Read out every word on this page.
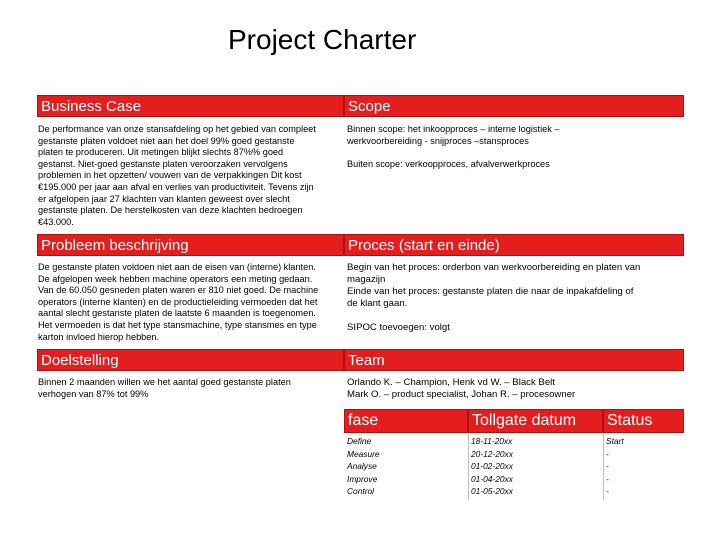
Project Charter
Business Case
De performance van onze stansafdeling op het gebied van compleet
gestanste platen voldoet niet aan het doel 99% goed gestanste
platen te produceren. Uit metingen blijkt slechts 87%% goed
gestanst. Niet-goed gestanste platen veroorzaken vervolgens
problemen in het opzetten/ vouwen van de verpakkingen Dit kost
€195.000 per jaar aan afval en verlies van productiviteit. Tevens zijn
er afgelopen jaar 27 klachten van klanten geweest over slecht
gestanste platen. De herstelkosten van deze klachten bedroegen
€43.000.
Scope
Binnen scope: het inkoopproces – interne logistiek –
werkvoorbereiding - snijproces –stansproces
Buiten scope: verkoopproces, afvalverwerkproces
Probleem beschrijving
De gestanste platen voldoen niet aan de eisen van (interne) klanten.
De afgelopen week hebben machine operators een meting gedaan.
Van de 60.050 gesneden platen waren er 810 niet goed. De machine
operators (interne klanten) en de productieleiding vermoeden dat het
aantal slecht gestanste platen de laatste 6 maanden is toegenomen.
Het vermoeden is dat het type stansmachine, type stansmes en type
karton invloed hierop hebben.
Proces (start en einde)
Begin van het proces: orderbon van werkvoorbereiding en platen van
magazijn
Einde van het proces: gestanste platen die naar de inpakafdeling of
de klant gaan.
SIPOC toevoegen: volgt
Doelstelling
Binnen 2 maanden willen we het aantal goed gestanste platen
verhogen van 87% tot 99%
Team
Orlando K. – Champion, Henk vd W. – Black Belt
Mark O. – product specialist, Johan R. – procesowner
fase	Tollgate datum	Status
Define
Measure
Analyse
Improve
Control
18-11-20xx
20-12-20xx
01-02-20xx
01-04-20xx
01-05-20xx
Start
-
-
-
-
